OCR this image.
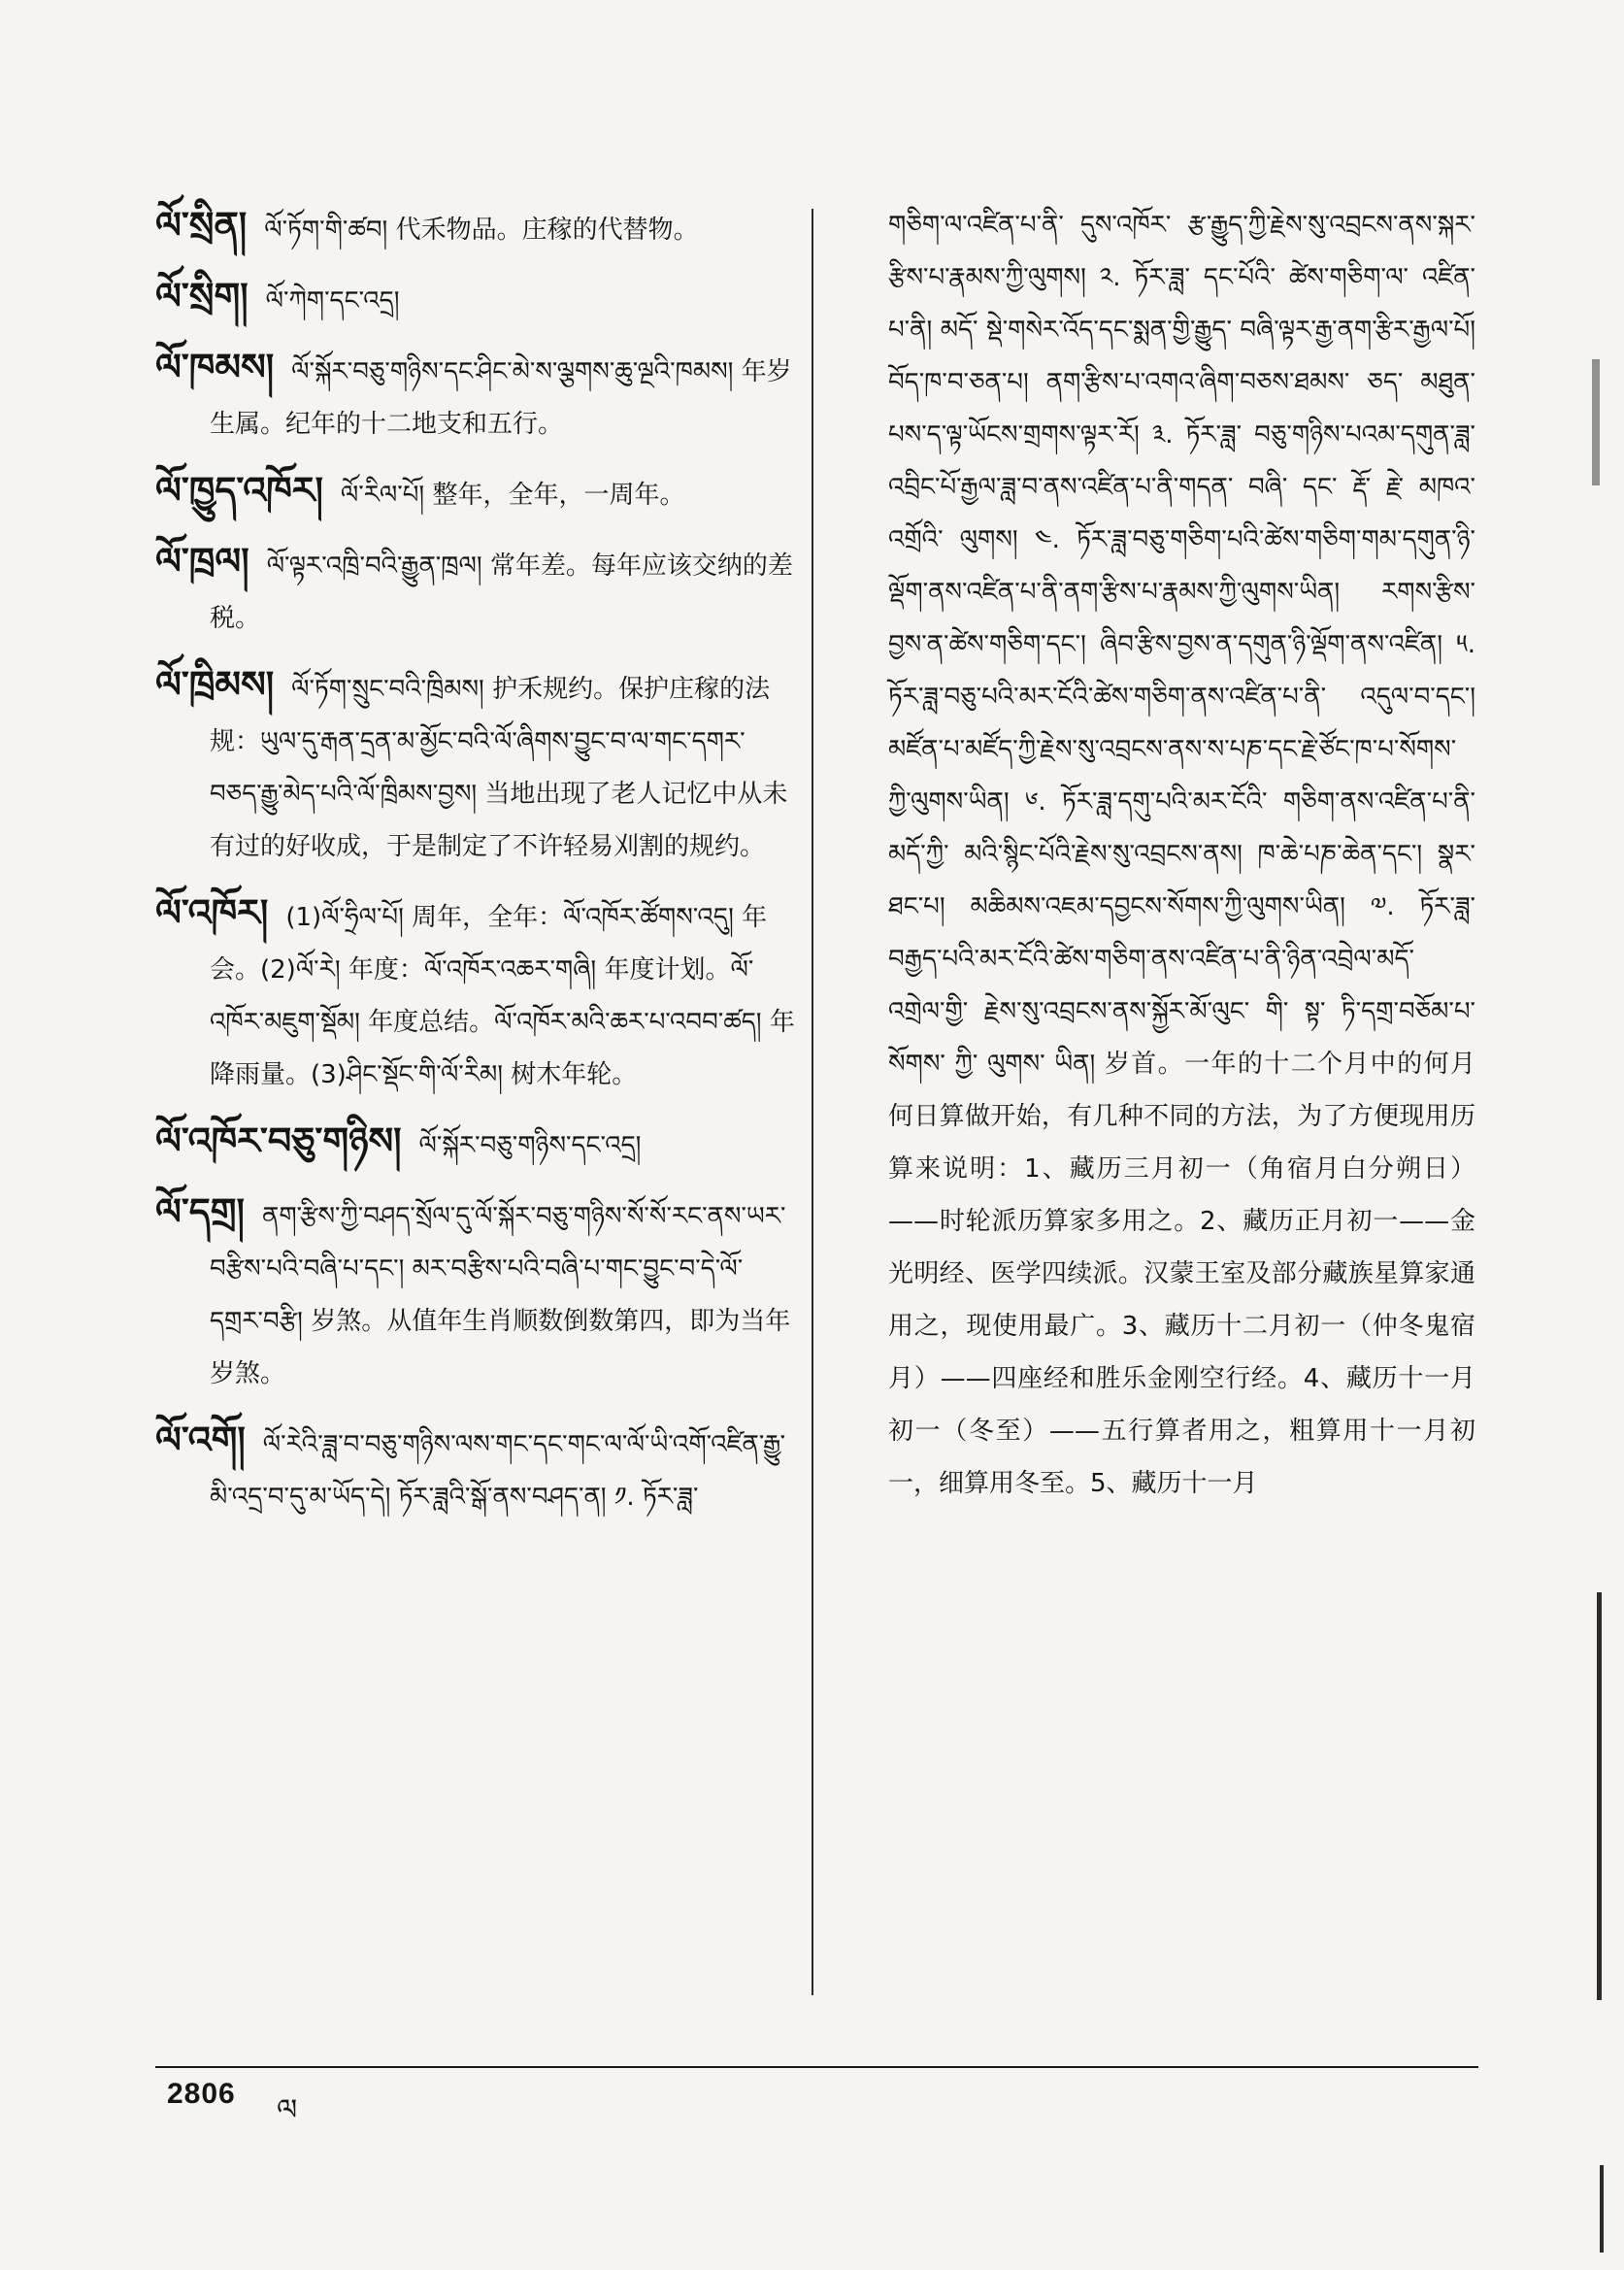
ལོ་སྲིན། ལོ་ཏོག་གི་ཚབ། 代禾物品。庄稼的代替物。
ལོ་སྲིག། ལོ་ཀེག་དང་འདྲ།
ལོ་ཁམས། ལོ་སྐོར་བཅུ་གཉིས་དང་ཤིང་མེ་ས་ལྕགས་ཆུ་ལྔའི་ཁམས། 年岁生属。纪年的十二地支和五行。
ལོ་ཁྱུད་འཁོར། ལོ་རིལ་པོ། 整年，全年，一周年。
ལོ་ཁྲལ། ལོ་ལྟར་འཁྲི་བའི་རྒྱུན་ཁྲལ། 常年差。每年应该交纳的差税。
ལོ་ཁྲིམས། ལོ་ཏོག་སྲུང་བའི་ཁྲིམས། 护禾规约。保护庄稼的法规：ཡུལ་དུ་རྒན་དྲན་མ་མྱོང་བའི་ལོ་ཞིགས་བྱུང་བ་ལ་གང་དགར་བཅད་རྒྱུ་མེད་པའི་ལོ་ཁྲིམས་བྱས། 当地出现了老人记忆中从未有过的好收成，于是制定了不许轻易刈割的规约。
ལོ་འཁོར། (1)ལོ་ཧྲིལ་པོ། 周年，全年：ལོ་འཁོར་ཚོགས་འདུ། 年会。(2)ལོ་རེ། 年度：ལོ་འཁོར་འཆར་གཞི། 年度计划。ལོ་འཁོར་མཇུག་སྡོམ། 年度总结。ལོ་འཁོར་མའི་ཆར་པ་འབབ་ཚད། 年降雨量。(3)ཤིང་སྡོང་གི་ལོ་རིམ། 树木年轮。
ལོ་འཁོར་བཅུ་གཉིས། ལོ་སྐོར་བཅུ་གཉིས་དང་འདྲ།
ལོ་དགྲ། ནག་རྩིས་ཀྱི་བཤད་སྲོལ་དུ་ལོ་སྐོར་བཅུ་གཉིས་སོ་སོ་རང་ནས་ཡར་བརྩིས་པའི་བཞི་པ་དང་། མར་བརྩིས་པའི་བཞི་པ་གང་བྱུང་བ་དེ་ལོ་དགྲར་བརྩི། 岁煞。从值年生肖顺数倒数第四，即为当年岁煞。
ལོ་འགོ། ལོ་རེའི་ཟླ་བ་བཅུ་གཉིས་ལས་གང་དང་གང་ལ་ལོ་ཡི་འགོ་འཛིན་རྒྱུ་མི་འདྲ་བ་དུ་མ་ཡོད་དེ། ཏོར་ཟླའི་སྒོ་ནས་བཤད་ན། ༡. ཏོར་ཟླ་

གཅིག་ལ་འཛིན་པ་ནི་ དུས་འཁོར་ རྩ་རྒྱུད་ཀྱི་རྗེས་སུ་འབྲངས་ནས་སྐར་རྩིས་པ་རྣམས་ཀྱི་ལུགས། ༢. ཏོར་ཟླ་ དང་པོའི་ ཚེས་གཅིག་ལ་ འཛིན་ པ་ནི། མདོ་ སྡེ་གསེར་འོད་དང་སྨན་གྱི་རྒྱུད་ བཞི་ལྟར་རྒྱ་ནག་རྩིར་རྒྱལ་པོ། བོད་ཁ་བ་ཅན་པ། ནག་རྩིས་པ་འགའ་ཞིག་བཅས་ཐམས་ ཅད་ མཐུན་ པས་ད་ལྟ་ཡོངས་གྲགས་ལྟར་རོ། ༣. ཏོར་ཟླ་ བཅུ་གཉིས་པའམ་དགུན་ཟླ་འབྲིང་པོ་རྒྱལ་ཟླ་བ་ནས་འཛིན་པ་ནི་གདན་ བཞི་ དང་ རྡོ་ རྗེ་ མཁའ་ འགྲོའི་ ལུགས། ༤. ཏོར་ཟླ་བཅུ་གཅིག་པའི་ཚེས་གཅིག་གམ་དགུན་ཉི་ལྡོག་ནས་འཛིན་པ་ནི་ནག་རྩིས་པ་རྣམས་ཀྱི་ལུགས་ཡིན། རགས་རྩིས་བྱས་ན་ཚེས་གཅིག་དང་། ཞིབ་རྩིས་བྱས་ན་དགུན་ཉི་ལྡོག་ནས་འཛིན། ༥. ཏོར་ཟླ་བཅུ་པའི་མར་ངོའི་ཚེས་གཅིག་ནས་འཛིན་པ་ནི་ འདུལ་བ་དང་། མཛོན་པ་མཛོད་ཀྱི་རྗེས་སུ་འབྲངས་ནས་ས་པཎ་དང་རྗེ་ཙོང་ཁ་པ་སོགས་ཀྱི་ལུགས་ཡིན། ༦. ཏོར་ཟླ་དགུ་པའི་མར་ངོའི་ གཅིག་ནས་འཛིན་པ་ནི་མདོ་ཀྱི་ མའི་སྙིང་པོའི་རྗེས་སུ་འབྲངས་ནས། ཁ་ཆེ་པཎ་ཆེན་དང་། སྣར་ཐང་པ། མཆིམས་འཇམ་དབྱངས་སོགས་ཀྱི་ལུགས་ཡིན། ༧. ཏོར་ཟླ་བརྒྱད་པའི་མར་ངོའི་ཚེས་གཅིག་ནས་འཛིན་པ་ནི་ཉིན་འབྲེལ་མདོ་ འགྲེལ་གྱི་ རྗེས་སུ་འབྲངས་ནས་སྐྱོར་མོ་ལུང་ གི་ སྟ་ ཏི་དགྲ་བཅོམ་པ་ སོགས་ ཀྱི་ ལུགས་ ཡིན། 岁首。一年的十二个月中的何月何日算做开始，有几种不同的方法，为了方便现用历算来说明：1、藏历三月初一（角宿月白分朔日）——时轮派历算家多用之。2、藏历正月初一——金光明经、医学四续派。汉蒙王室及部分藏族星算家通用之，现使用最广。3、藏历十二月初一（仲冬鬼宿月）——四座经和胜乐金刚空行经。4、藏历十一月初一（冬至）——五行算者用之，粗算用十一月初一，细算用冬至。5、藏历十一月

2806 ལ
